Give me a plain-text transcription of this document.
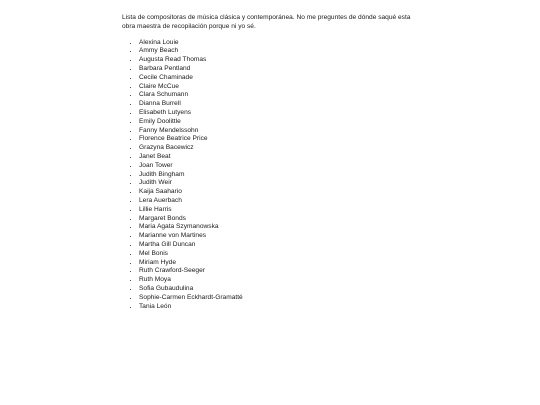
Lista de compositoras de música clásica y contemporánea. No me preguntes de dónde saqué esta obra maestra de recopilación porque ni yo sé.

• Alexina Louie
• Ammy Beach
• Augusta Read Thomas
• Barbara Pentland
• Cecile Chaminade
• Claire McCue
• Clara Schumann
• Dianna Burrell
• Elisabeth Lutyens
• Emily Doolittle
• Fanny Mendelssohn
• Florence Beatrice Price
• Grazyna Bacewicz
• Janet Beat
• Joan Tower
• Judith Bingham
• Judith Weir
• Kaija Saahario
• Lera Auerbach
• Lillie Harris
• Margaret Bonds
• Maria Agata Szymanowska
• Marianne von Martines
• Martha Gill Duncan
• Mel Bonis
• Miriam Hyde
• Ruth Crawford-Seeger
• Ruth Moya
• Sofia Gubaudulina
• Sophie-Carmen Eckhardt-Gramatté
• Tania León
